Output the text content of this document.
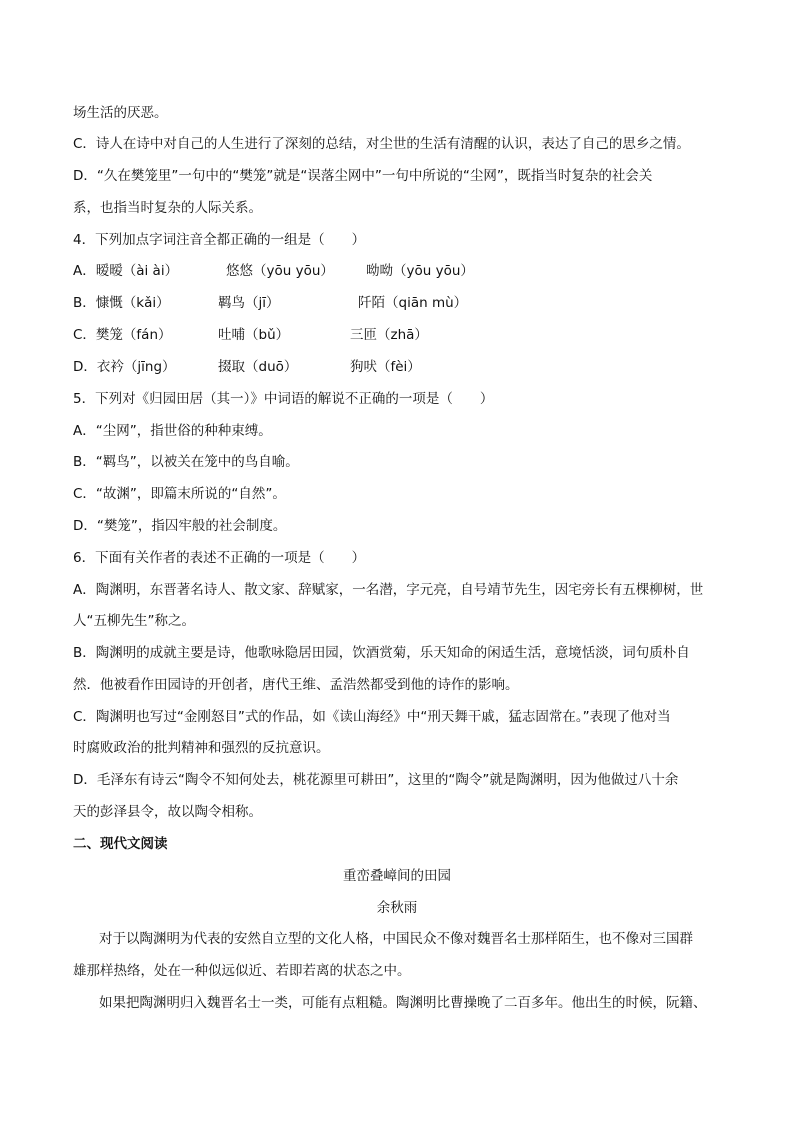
场生活的厌恶。
C．诗人在诗中对自己的人生进行了深刻的总结，对尘世的生活有清醒的认识，表达了自己的思乡之情。
D．“久在樊笼里”一句中的“樊笼”就是“误落尘网中”一句中所说的“尘网”，既指当时复杂的社会关
系，也指当时复杂的人际关系。
4．下列加点字词注音全都正确的一组是（　　）
A．暧暧（ài ài）	悠悠（yōu yōu） 呦呦（yōu yōu）
B．慷慨（kǎi）	羁鸟（jī）	阡陌（qiān mù）
C．樊笼（fán）	吐哺（bǔ）	三匝（zhā）
D．衣衿（jīng）	掇取（duō）	狗吠（fèi）
5．下列对《归园田居（其一）》中词语的解说不正确的一项是（　　）
A．“尘网”，指世俗的种种束缚。
B．“羁鸟”，以被关在笼中的鸟自喻。
C．“故渊”，即篇末所说的“自然”。
D．“樊笼”，指囚牢般的社会制度。
6．下面有关作者的表述不正确的一项是（　　）
A．陶渊明，东晋著名诗人、散文家、辞赋家，一名潜，字元亮，自号靖节先生，因宅旁长有五棵柳树，世
人“五柳先生”称之。
B．陶渊明的成就主要是诗，他歌咏隐居田园，饮酒赏菊，乐天知命的闲适生活，意境恬淡，词句质朴自
然．他被看作田园诗的开创者，唐代王维、孟浩然都受到他的诗作的影响。
C．陶渊明也写过“金刚怒目”式的作品，如《读山海经》中“刑天舞干戚，猛志固常在。”表现了他对当
时腐败政治的批判精神和强烈的反抗意识。
D．毛泽东有诗云“陶令不知何处去，桃花源里可耕田”，这里的“陶令”就是陶渊明，因为他做过八十余
天的彭泽县令，故以陶令相称。
二、现代文阅读
重峦叠嶂间的田园
余秋雨
对于以陶渊明为代表的安然自立型的文化人格，中国民众不像对魏晋名士那样陌生，也不像对三国群
雄那样热络，处在一种似远似近、若即若离的状态之中。
如果把陶渊明归入魏晋名士一类，可能有点粗糙。陶渊明比曹操晚了二百多年。他出生的时候，阮籍、
